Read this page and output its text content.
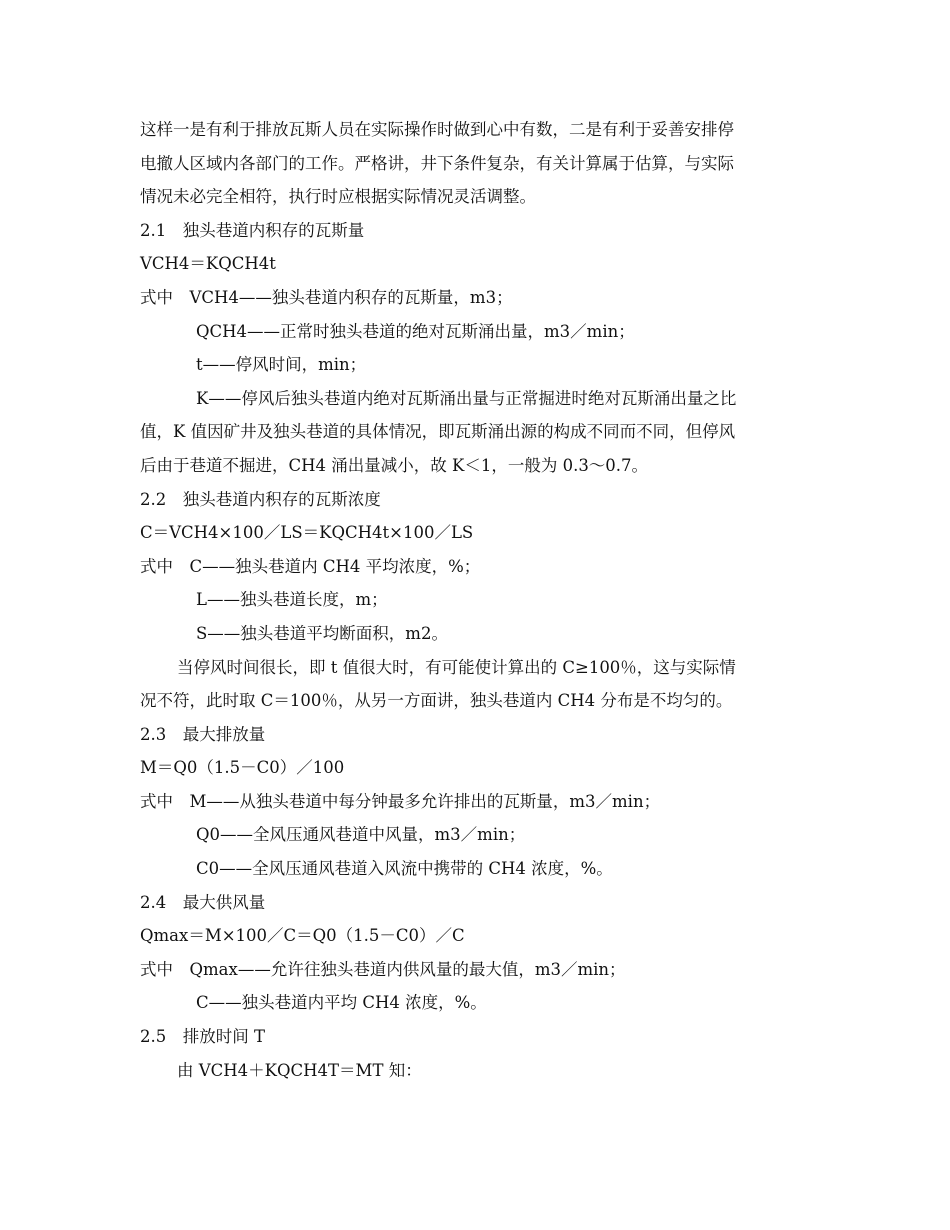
这样一是有利于排放瓦斯人员在实际操作时做到心中有数，二是有利于妥善安排停
电撤人区域内各部门的工作。严格讲，井下条件复杂，有关计算属于估算，与实际
情况未必完全相符，执行时应根据实际情况灵活调整。
2.1　独头巷道内积存的瓦斯量
VCH4＝KQCH4t
式中　VCH4——独头巷道内积存的瓦斯量，m3；
QCH4——正常时独头巷道的绝对瓦斯涌出量，m3／min；
t——停风时间，min；
K——停风后独头巷道内绝对瓦斯涌出量与正常掘进时绝对瓦斯涌出量之比
值，K 值因矿井及独头巷道的具体情况，即瓦斯涌出源的构成不同而不同，但停风
后由于巷道不掘进，CH4 涌出量减小，故 K＜1，一般为 0.3～0.7。
2.2　独头巷道内积存的瓦斯浓度
C＝VCH4×100／LS＝KQCH4t×100／LS
式中　C——独头巷道内 CH4 平均浓度，%；
L——独头巷道长度，m；
S——独头巷道平均断面积，m2。
当停风时间很长，即 t 值很大时，有可能使计算出的 C≥100％，这与实际情
况不符，此时取 C＝100％，从另一方面讲，独头巷道内 CH4 分布是不均匀的。
2.3　最大排放量
M＝Q0（1.5－C0）／100
式中　M——从独头巷道中每分钟最多允许排出的瓦斯量，m3／min；
Q0——全风压通风巷道中风量，m3／min；
C0——全风压通风巷道入风流中携带的 CH4 浓度，%。
2.4　最大供风量
Qmax＝M×100／C＝Q0（1.5－C0）／C
式中　Qmax——允许往独头巷道内供风量的最大值，m3／min；
C——独头巷道内平均 CH4 浓度，%。
2.5　排放时间 T
由 VCH4＋KQCH4T＝MT 知：
